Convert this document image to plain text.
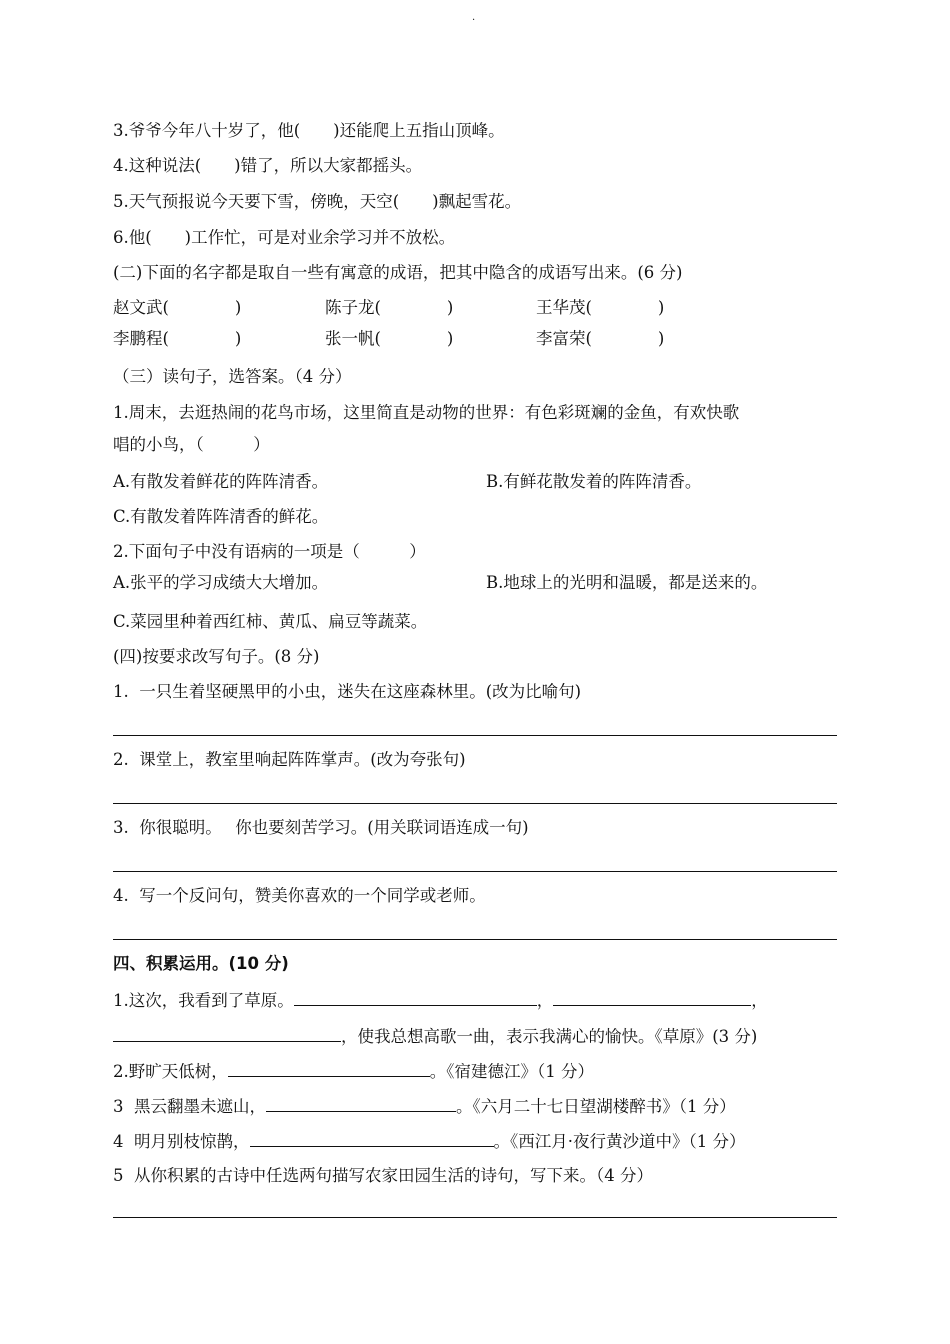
.
3.爷爷今年八十岁了，他(　　)还能爬上五指山顶峰。
4.这种说法(　　)错了，所以大家都摇头。
5.天气预报说今天要下雪，傍晚，天空(　　)飘起雪花。
6.他(　　)工作忙，可是对业余学习并不放松。
(二)下面的名字都是取自一些有寓意的成语，把其中隐含的成语写出来。(6 分)
赵文武(　　　　)	陈子龙(　　　　)	王华茂(　　　　)
李鹏程(　　　　)	张一帆(　　　　)	李富荣(　　　　)
（三）读句子，选答案。（4 分）
1.周末，去逛热闹的花鸟市场，这里简直是动物的世界：有色彩斑斓的金鱼，有欢快歌
唱的小鸟，（　　　）
A.有散发着鲜花的阵阵清香。	B.有鲜花散发着的阵阵清香。
C.有散发着阵阵清香的鲜花。
2.下面句子中没有语病的一项是（　　　）
A.张平的学习成绩大大增加。	B.地球上的光明和温暖，都是送来的。
C.菜园里种着西红柿、黄瓜、扁豆等蔬菜。
(四)按要求改写句子。(8 分)
1.  一只生着坚硬黑甲的小虫，迷失在这座森林里。(改为比喻句)
2.  课堂上，教室里响起阵阵掌声。(改为夸张句)
3.  你很聪明。　 你也要刻苦学习。(用关联词语连成一句)
4.  写一个反问句，赞美你喜欢的一个同学或老师。
四、积累运用。(10 分)
1.这次，我看到了草原。	，	，
，使我总想高歌一曲，表示我满心的愉快。《草原》(3 分)
2.野旷天低树，	。《宿建德江》（1 分）
3  黑云翻墨未遮山，	。《六月二十七日望湖楼醉书》（1 分）
4  明月别枝惊鹊，	。《西江月·夜行黄沙道中》（1 分）
5  从你积累的古诗中任选两句描写农家田园生活的诗句，写下来。（4 分）
